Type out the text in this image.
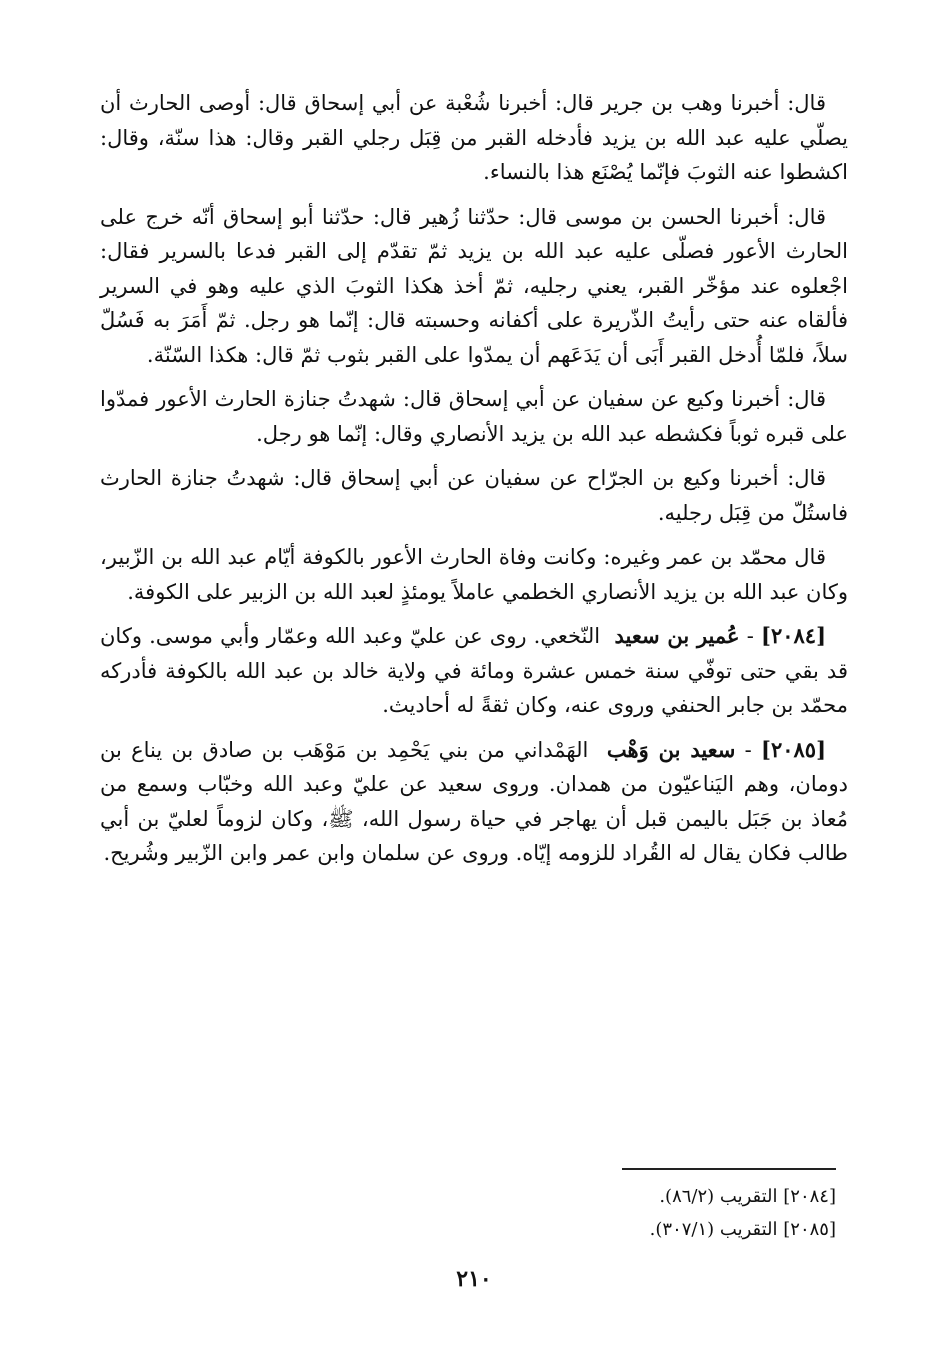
قال: أخبرنا وهب بن جرير قال: أخبرنا شُعْبة عن أبي إسحاق قال: أوصى الحارث أن يصلّي عليه عبد الله بن يزيد فأدخله القبر من قِبَل رجلي القبر وقال: هذا سنّة، وقال: اكشطوا عنه الثوبَ فإنّما يُصْنَع هذا بالنساء.

قال: أخبرنا الحسن بن موسى قال: حدّثنا زُهير قال: حدّثنا أبو إسحاق أنّه خرج على الحارث الأعور فصلّى عليه عبد الله بن يزيد ثمّ تقدّم إلى القبر فدعا بالسرير فقال: اجْعلوه عند مؤخّر القبر، يعني رجليه، ثمّ أخذ هكذا الثوبَ الذي عليه وهو في السرير فألقاه عنه حتى رأيتُ الذّريرة على أكفانه وحسبته قال: إنّما هو رجل. ثمّ أَمَرَ به فَسُلّ سلاً، فلمّا أُدخل القبر أَبَى أن يَدَعَهم أن يمدّوا على القبر بثوب ثمّ قال: هكذا السّنّة.

قال: أخبرنا وكيع عن سفيان عن أبي إسحاق قال: شهدتُ جنازة الحارث الأعور فمدّوا على قبره ثوباً فكشطه عبد الله بن يزيد الأنصاري وقال: إنّما هو رجل.

قال: أخبرنا وكيع بن الجرّاح عن سفيان عن أبي إسحاق قال: شهدتُ جنازة الحارث فاستُلّ من قِبَل رجليه.

قال محمّد بن عمر وغيره: وكانت وفاة الحارث الأعور بالكوفة أيّام عبد الله بن الزّبير، وكان عبد الله بن يزيد الأنصاري الخطمي عاملاً يومئذٍ لعبد الله بن الزبير على الكوفة.

[٢٠٨٤] - عُمير بن سعيد  النّخعي. روى عن عليّ وعبد الله وعمّار وأبي موسى. وكان قد بقي حتى توفّي سنة خمس عشرة ومائة في ولاية خالد بن عبد الله بالكوفة فأدركه محمّد بن جابر الحنفي وروى عنه، وكان ثقةً له أحاديث.

[٢٠٨٥] - سعيد بن وَهْب  الهَمْداني من بني يَحْمِد بن مَوْهَب بن صادق بن يناع بن دومان، وهم اليَناعيّون من همدان. وروى سعيد عن عليّ وعبد الله وخبّاب وسمع من مُعاذ بن جَبَل باليمن قبل أن يهاجر في حياة رسول الله، ﷺ، وكان لزوماً لعليّ بن أبي طالب فكان يقال له القُراد للزومه إيّاه. وروى عن سلمان وابن عمر وابن الزّبير وشُريح.

[٢٠٨٤] التقريب (٨٦/٢).

[٢٠٨٥] التقريب (٣٠٧/١).

٢١٠
